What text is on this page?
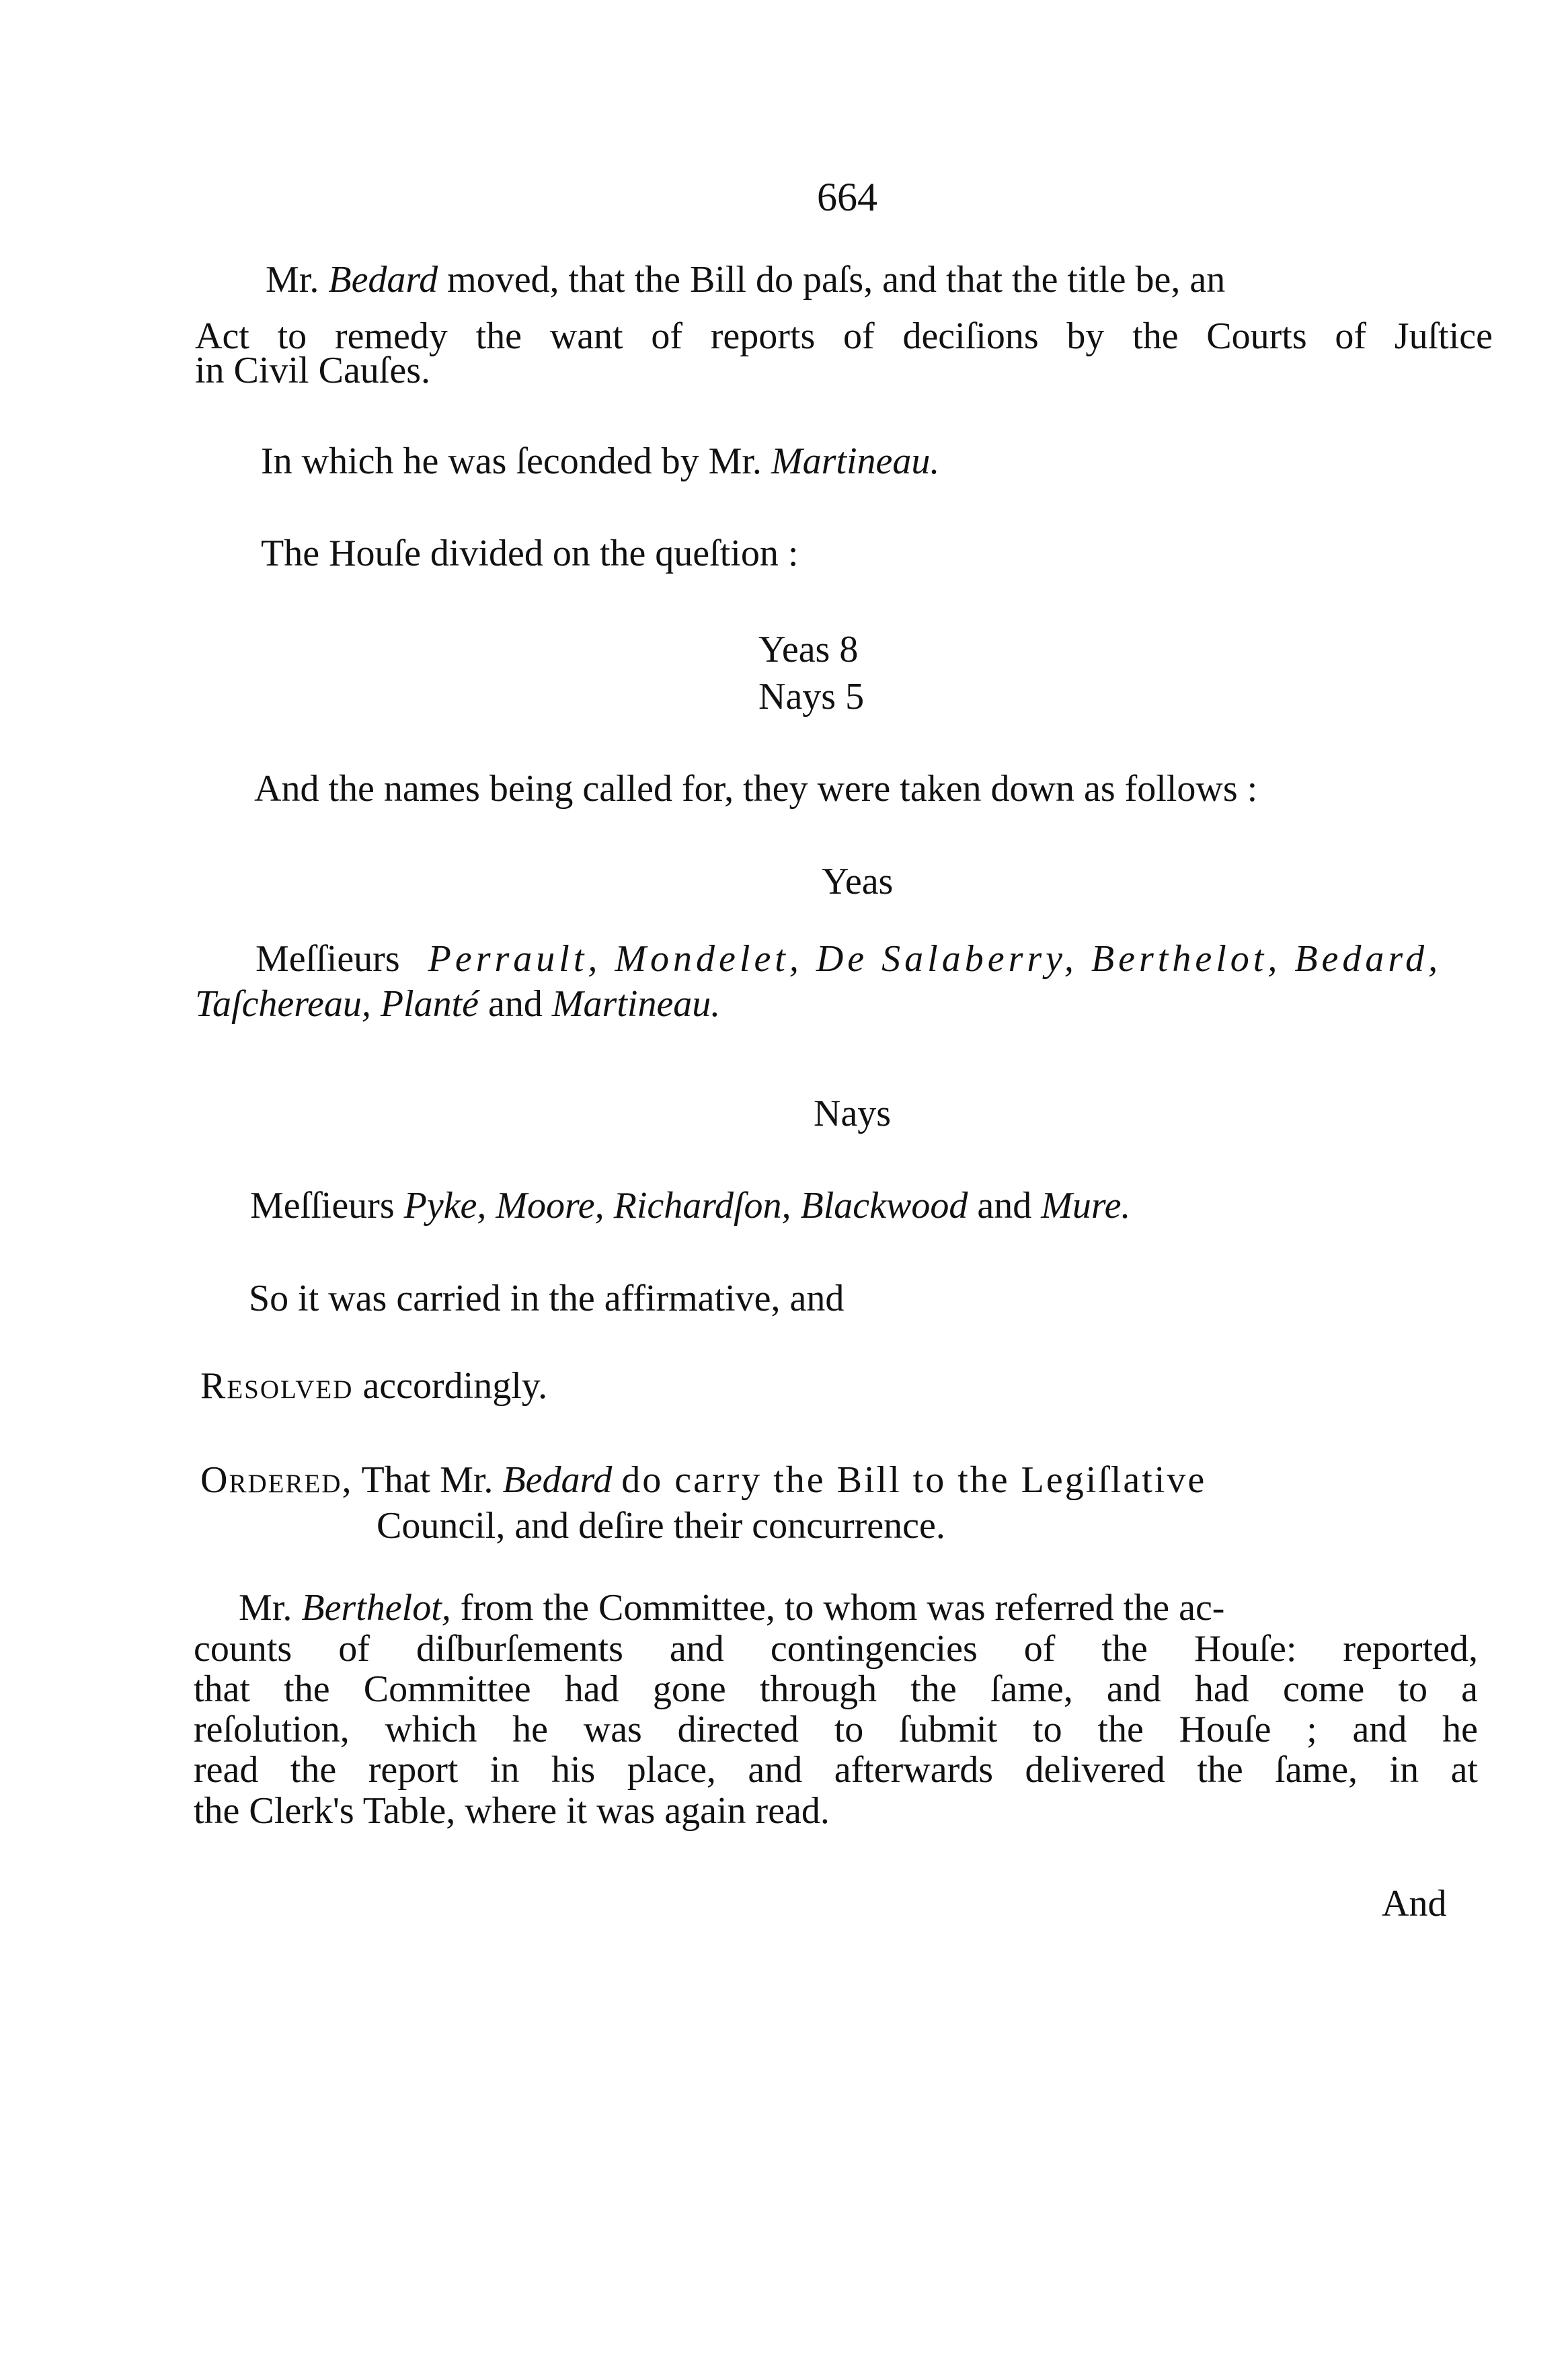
664
Mr. Bedard moved, that the Bill do paſs, and that the title be, an
Act to remedy the want of reports of deciſions by the Courts of Juſtice
in Civil Cauſes.
In which he was ſeconded by Mr. Martineau.
The Houſe divided on the queſtion :
Yeas 8
Nays 5
And the names being called for, they were taken down as follows :
Yeas
Meſſieurs Perrault, Mondelet, De Salaberry, Berthelot, Bedard,
Taſchereau, Planté and Martineau.
Nays
Meſſieurs Pyke, Moore, Richardſon, Blackwood and Mure.
So it was carried in the affirmative, and
Resolved accordingly.
Ordered, That Mr. Bedard do carry the Bill to the Legiſlative
Council, and deſire their concurrence.
Mr. Berthelot, from the Committee, to whom was referred the ac-
counts of diſburſements and contingencies of the Houſe: reported,
that the Committee had gone through the ſame, and had come to a
reſolution, which he was directed to ſubmit to the Houſe ; and he
read the report in his place, and afterwards delivered the ſame, in at
the Clerk's Table, where it was again read.
And
